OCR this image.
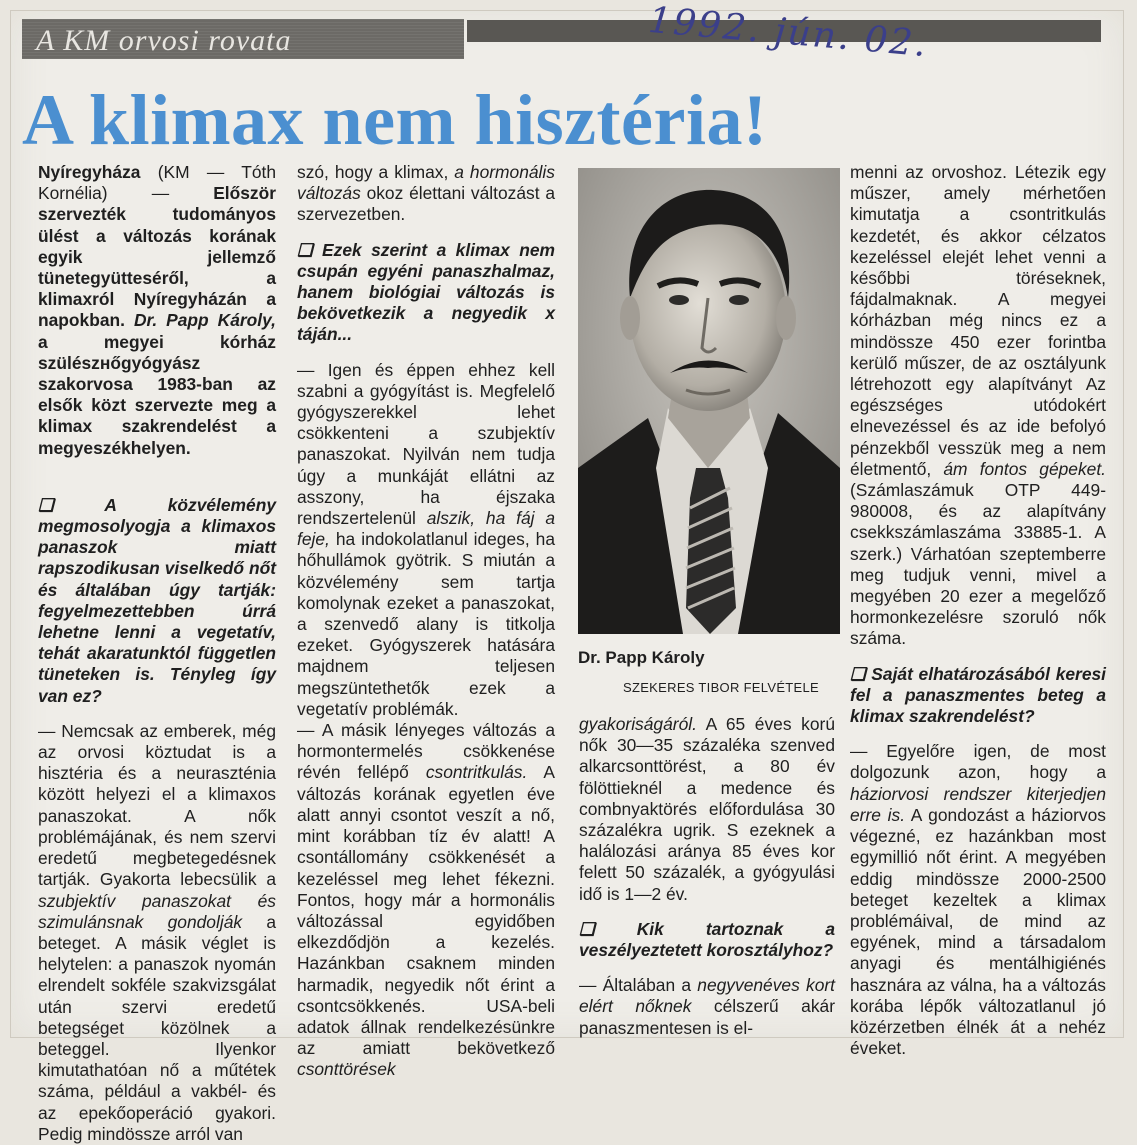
A KM orvosi rovata	1992. jún. 02.
A klimax nem hisztéria!

Nyíregyháza (KM — Tóth Kornélia) — Először szervezték tudományos ülést a változás korának egyik jellemző tünetegyütteséről, a klimaxról Nyíregyházán a napokban. Dr. Papp Károly, a megyei kórház szülészнőgyógyász szakorvosa 1983-ban az elsők közt szervezte meg a klimax szakrendelést a megyeszékhelyen.

❑ A közvélemény megmosolyogja a klimaxos panaszok miatt rapszodikusan viselkedő nőt és általában úgy tartják: fegyelmezettebben úrrá lehetne lenni a vegetatív, tehát akaratunktól független tüneteken is. Tényleg így van ez?

— Nemcsak az emberek, még az orvosi köztudat is a hisztéria és a neuraszténia között helyezi el a klimaxos panaszokat. A nők problémájának, és nem szervi eredetű megbetegedésnek tartják. Gyakorta lebecsülik a szubjektív panaszokat és szimulánsnak gondolják a beteget. A másik véglet is helytelen: a panaszok nyomán elrendelt sokféle szakvizsgálat után szervi eredetű betegséget közölnek a beteggel. Ilyenkor kimutathatóan nő a műtétek száma, például a vakbél- és az epekőoperáció gyakori. Pedig mindössze arról van

szó, hogy a klimax, a hormonális változás okoz élettani változást a szervezetben.

❑ Ezek szerint a klimax nem csupán egyéni panaszhalmaz, hanem biológiai változás is bekövetkezik a negyedik x táján...

— Igen és éppen ehhez kell szabni a gyógyítást is. Megfelelő gyógyszerekkel lehet csökkenteni a szubjektív panaszokat. Nyilván nem tudja úgy a munkáját ellátni az asszony, ha éjszaka rendszertelenül alszik, ha fáj a feje, ha indokolatlanul ideges, ha hőhullámok gyötrik. S miután a közvélemény sem tartja komolynak ezeket a panaszokat, a szenvedő alany is titkolja ezeket. Gyógyszerek hatására majdnem teljesen megszüntethetők ezek a vegetatív problémák.

— A másik lényeges változás a hormontermelés csökkenése révén fellépő csontritkulás. A változás korának egyetlen éve alatt annyi csontot veszít a nő, mint korábban tíz év alatt! A csontállomány csökkenését a kezeléssel meg lehet fékezni. Fontos, hogy már a hormonális változással egyidőben elkezdődjön a kezelés. Hazánkban csaknem minden harmadik, negyedik nőt érint a csontcsökkenés. USA-beli adatok állnak rendelkezésünkre az amiatt bekövetkező csonttörések

Dr. Papp Károly
SZEKERES TIBOR FELVÉTELE

gyakoriságáról. A 65 éves korú nők 30—35 százaléka szenved alkarcsonttörést, a 80 év fölöttieknél a medence és combnyaktörés előfordulása 30 százalékra ugrik. S ezeknek a halálozási aránya 85 éves kor felett 50 százalék, a gyógyulási idő is 1—2 év.

❑ Kik tartoznak a veszélyeztetett korosztályhoz?

— Általában a negyvenéves kort elért nőknek célszerű akár panaszmentesen is el-

menni az orvoshoz. Létezik egy műszer, amely mérhetően kimutatja a csontritkulás kezdetét, és akkor célzatos kezeléssel elejét lehet venni a későbbi töréseknek, fájdalmaknak. A megyei kórházban még nincs ez a mindössze 450 ezer forintba kerülő műszer, de az osztályunk létrehozott egy alapítványt Az egészséges utódokért elnevezéssel és az ide befolyó pénzekből vesszük meg a nem életmentő, ám fontos gépeket. (Számlaszámuk OTP 449-980008, és az alapítvány csekkszámlaszáma 33885-1. A szerk.) Várhatóan szeptemberre meg tudjuk venni, mivel a megyében 20 ezer a megelőző hormonkezelésre szoruló nők száma.

❑ Saját elhatározásából keresi fel a panaszmentes beteg a klimax szakrendelést?

— Egyelőre igen, de most dolgozunk azon, hogy a háziorvosi rendszer kiterjedjen erre is. A gondozást a háziorvos végezné, ez hazánkban most egymillió nőt érint. A megyében eddig mindössze 2000-2500 beteget kezeltek a klimax problémáival, de mind az egyének, mind a társadalom anyagi és mentálhigiénés hasznára az válna, ha a változás korába lépők változatlanul jó közérzetben élnék át a nehéz éveket.
